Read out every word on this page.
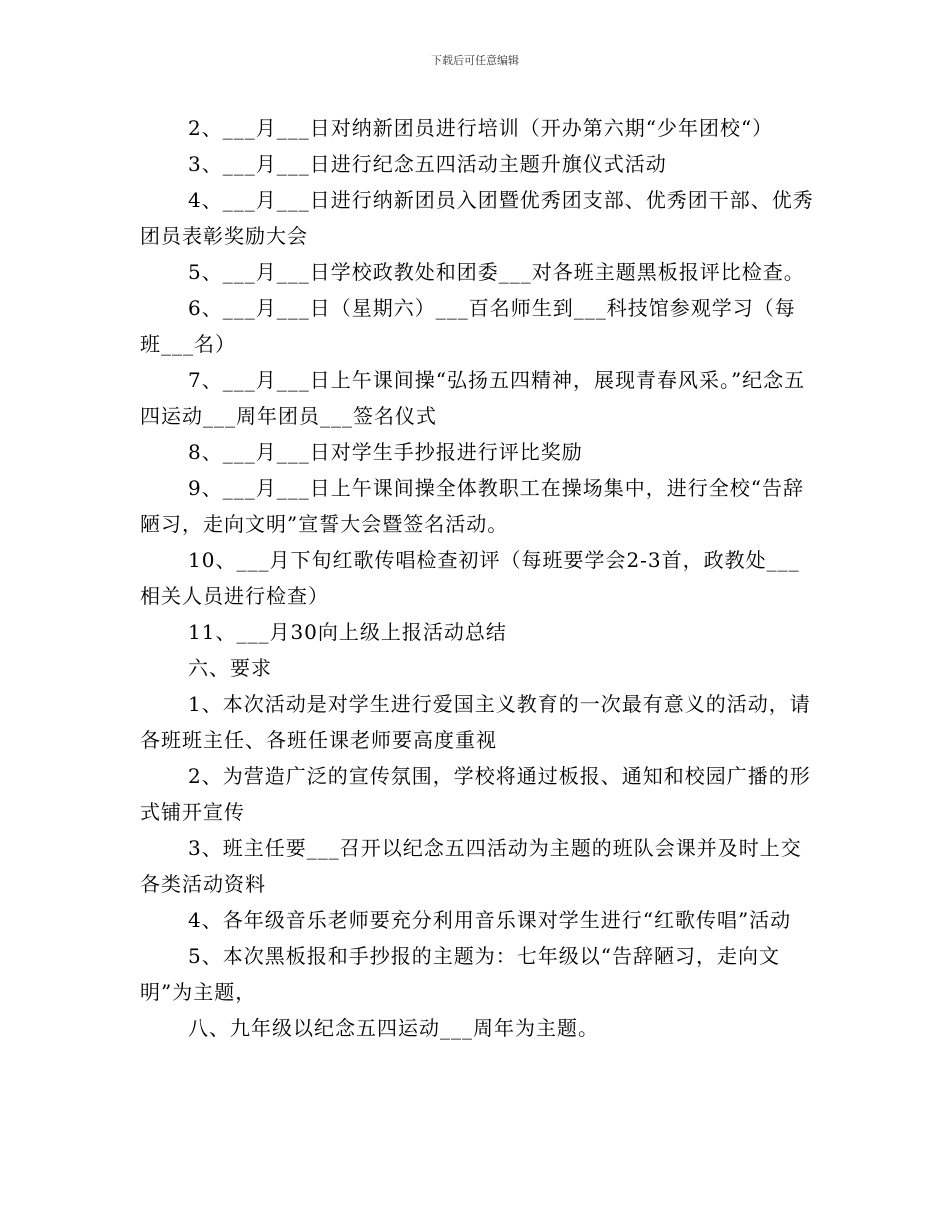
下载后可任意编辑

2、___月___日对纳新团员进行培训（开办第六期“少年团校“）

3、___月___日进行纪念五四活动主题升旗仪式活动

4、___月___日进行纳新团员入团暨优秀团支部、优秀团干部、优秀团员表彰奖励大会

5、___月___日学校政教处和团委___对各班主题黑板报评比检查。

6、___月___日（星期六）___百名师生到___科技馆参观学习（每班___名）

7、___月___日上午课间操“弘扬五四精神，展现青春风采。”纪念五四运动___周年团员___签名仪式

8、___月___日对学生手抄报进行评比奖励

9、___月___日上午课间操全体教职工在操场集中，进行全校“告辞陋习，走向文明”宣誓大会暨签名活动。

10、___月下旬红歌传唱检查初评（每班要学会2-3首，政教处___相关人员进行检查）

11、___月30向上级上报活动总结

六、要求

1、本次活动是对学生进行爱国主义教育的一次最有意义的活动，请各班班主任、各班任课老师要高度重视

2、为营造广泛的宣传氛围，学校将通过板报、通知和校园广播的形式铺开宣传

3、班主任要___召开以纪念五四活动为主题的班队会课并及时上交各类活动资料

4、各年级音乐老师要充分利用音乐课对学生进行“红歌传唱”活动

5、本次黑板报和手抄报的主题为：七年级以“告辞陋习，走向文明”为主题，

八、九年级以纪念五四运动___周年为主题。
